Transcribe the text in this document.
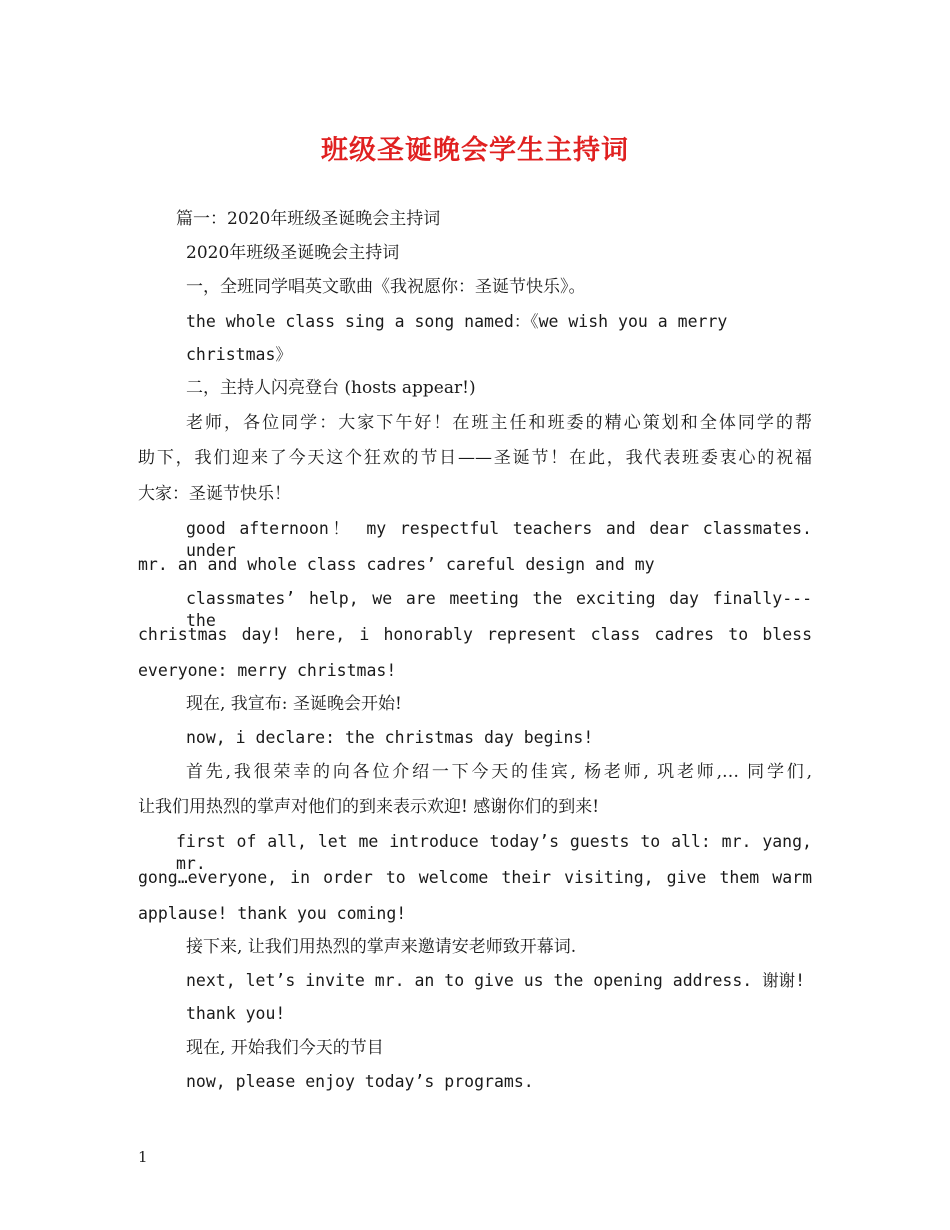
班级圣诞晚会学生主持词
篇一：2020年班级圣诞晚会主持词
2020年班级圣诞晚会主持词
一，全班同学唱英文歌曲《我祝愿你：圣诞节快乐》。
the whole class sing a song named：《we wish you a merry
christmas》
二，主持人闪亮登台 (hosts appear!)
老师，各位同学：大家下午好！在班主任和班委的精心策划和全体同学的帮
助下，我们迎来了今天这个狂欢的节日——圣诞节！在此，我代表班委衷心的祝福
大家：圣诞节快乐！
good afternoon！ my respectful teachers and dear classmates. under
mr. an and whole class cadres’ careful design and my
classmates’ help, we are meeting the exciting day finally--- the
christmas day! here, i honorably represent class cadres to bless
everyone: merry christmas!
现在, 我宣布: 圣诞晚会开始!
now, i declare: the christmas day begins!
首先,我很荣幸的向各位介绍一下今天的佳宾, 杨老师, 巩老师,… 同学们,
让我们用热烈的掌声对他们的到来表示欢迎! 感谢你们的到来!
first of all, let me introduce today’s guests to all: mr. yang, mr.
gong…everyone, in order to welcome their visiting, give them warm
applause! thank you coming!
接下来, 让我们用热烈的掌声来邀请安老师致开幕词.
next, let’s invite mr. an to give us the opening address. 谢谢!
thank you!
现在, 开始我们今天的节目
now, please enjoy today’s programs.
1
